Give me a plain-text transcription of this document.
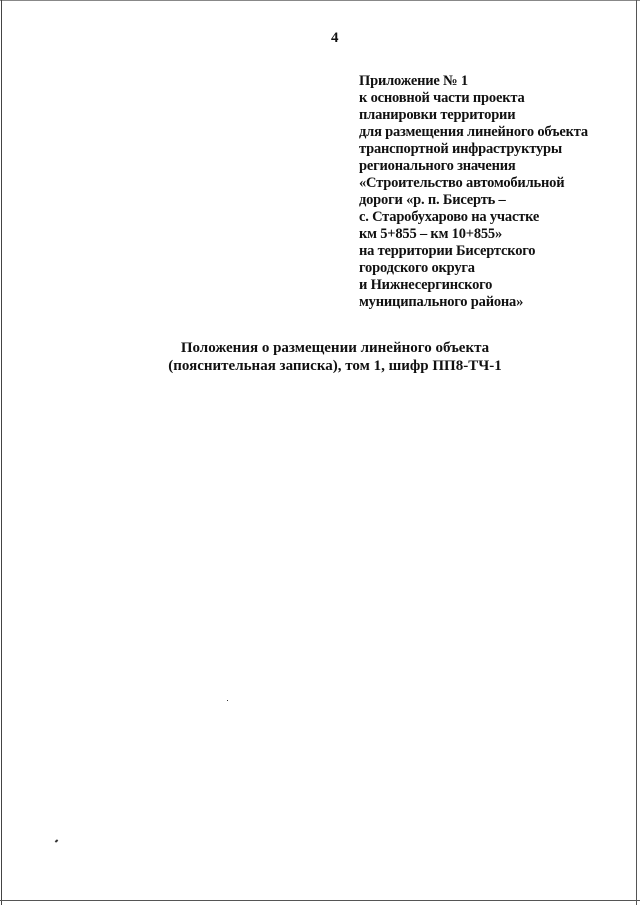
4
Приложение № 1
к основной части проекта
планировки территории
для размещения линейного объекта
транспортной инфраструктуры
регионального значения
«Строительство автомобильной
дороги «р. п. Бисерть –
с. Старобухарово на участке
км 5+855 – км 10+855»
на территории Бисертского
городского округа
и Нижнесергинского
муниципального района»
Положения о размещении линейного объекта
(пояснительная записка), том 1, шифр ПП8-ТЧ-1
